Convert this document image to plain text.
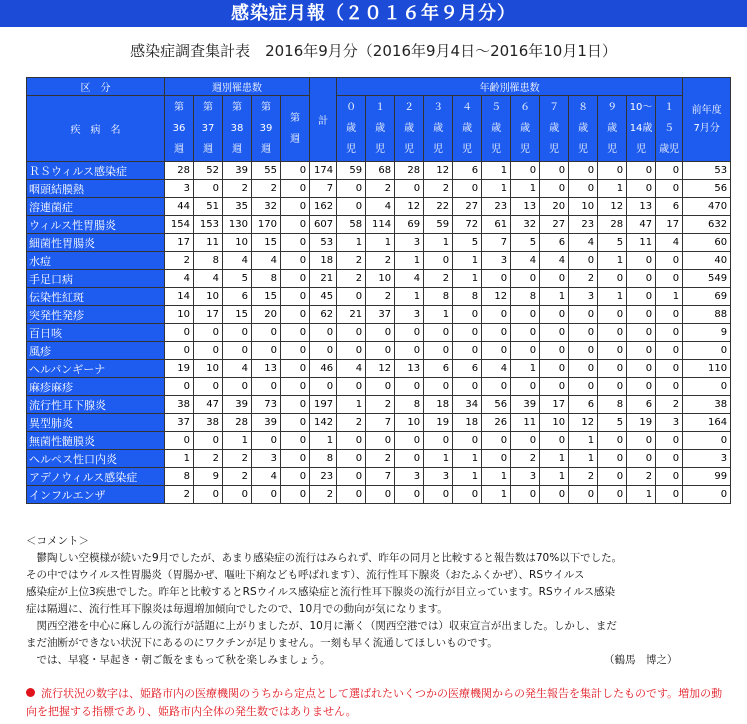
感染症月報（２０１６年９月分）
感染症調査集計表　2016年9月分（2016年9月4日～2016年10月1日）
区　分	週別罹患数					計	年齢別罹患数												前年度
7月分

疾　病　名	第
36
週	第
37
週	第
38
週	第
39
週	第
週		０
歳
児	１
歳
児	２
歳
児	３
歳
児	４
歳
児	５
歳
児	６
歳
児	７
歳
児	８
歳
児	９
歳
児	10～
14歳
児	１
５
歳児	

ＲＳウィルス感染症	28	52	39	55	0	174	59	68	28	12	6	1	0	0	0	0	0	0	53
咽頭結膜熱	3	0	2	2	0	7	0	2	0	2	0	1	1	0	0	1	0	0	56
溶連菌症	44	51	35	32	0	162	0	4	12	22	27	23	13	20	10	12	13	6	470
ウィルス性胃腸炎	154	153	130	170	0	607	58	114	69	59	72	61	32	27	23	28	47	17	632
細菌性胃腸炎	17	11	10	15	0	53	1	1	3	1	5	7	5	6	4	5	11	4	60
水痘	2	8	4	4	0	18	2	2	1	0	1	3	4	4	0	1	0	0	40
手足口病	4	4	5	8	0	21	2	10	4	2	1	0	0	0	2	0	0	0	549
伝染性紅斑	14	10	6	15	0	45	0	2	1	8	8	12	8	1	3	1	0	1	69
突発性発疹	10	17	15	20	0	62	21	37	3	1	0	0	0	0	0	0	0	0	88
百日咳	0	0	0	0	0	0	0	0	0	0	0	0	0	0	0	0	0	0	9
風疹	0	0	0	0	0	0	0	0	0	0	0	0	0	0	0	0	0	0	0
ヘルパンギーナ	19	10	4	13	0	46	4	12	13	6	6	4	1	0	0	0	0	0	110
麻疹麻疹	0	0	0	0	0	0	0	0	0	0	0	0	0	0	0	0	0	0	0
流行性耳下腺炎	38	47	39	73	0	197	1	2	8	18	34	56	39	17	6	8	6	2	38
異型肺炎	37	38	28	39	0	142	2	7	10	19	18	26	11	10	12	5	19	3	164
無菌性髄膜炎	0	0	1	0	0	1	0	0	0	0	0	0	0	0	1	0	0	0	0
ヘルペス性口内炎	1	2	2	3	0	8	0	2	0	1	1	0	2	1	1	0	0	0	3
アデノウィルス感染症	8	9	2	4	0	23	0	7	3	3	1	1	3	1	2	0	2	0	99
インフルエンザ	2	0	0	0	0	2	0	0	0	0	0	1	0	0	0	0	1	0	0

＜コメント＞

　鬱陶しい空模様が続いた9月でしたが、あまり感染症の流行はみられず、昨年の同月と比較すると報告数は70%以下でした。

その中ではウイルス性胃腸炎（胃腸かぜ、嘔吐下痢なども呼ばれます）、流行性耳下腺炎（おたふくかぜ）、RSウイルス

感染症が上位3疾患でした。昨年と比較するとRSウイルス感染症と流行性耳下腺炎の流行が目立っています。RSウイルス感染

症は隔週に、流行性耳下腺炎は毎週増加傾向でしたので、10月での動向が気になります。

　関西空港を中心に麻しんの流行が話題に上がりましたが、10月に漸く（関西空港では）収束宣言が出ました。しかし、まだ

まだ油断ができない状況下にあるのにワクチンが足りません。一刻も早く流通してほしいものです。

　では、早寝・早起き・朝ご飯をまもって秋を楽しみましょう。	（鶴馬　博之）

流行状況の数字は、姫路市内の医療機関のうちから定点として選ばれたいくつかの医療機関からの発生報告を集計したものです。増加の動向を把握する指標であり、姫路市内全体の発生数ではありません。
